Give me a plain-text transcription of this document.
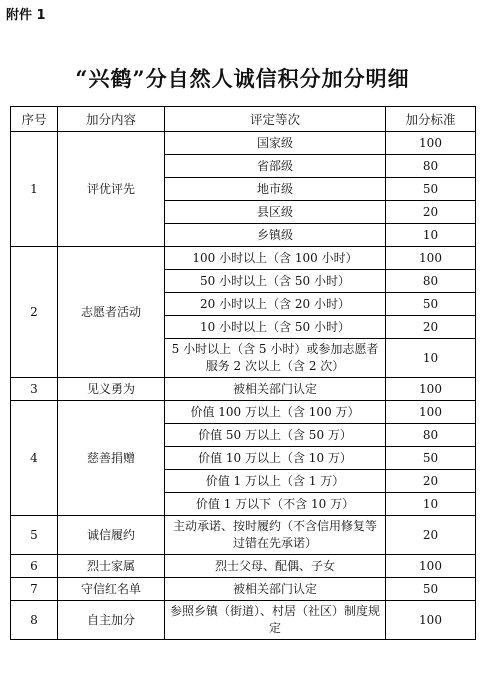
附件 1
“兴鹤”分自然人诚信积分加分明细
序号	加分内容	评定等次	加分标准
1	评优评先	国家级	100
		省部级	80
		地市级	50
		县区级	20
		乡镇级	10
2	志愿者活动	100 小时以上（含 100 小时）	100
		50 小时以上（含 50 小时）	80
		20 小时以上（含 20 小时）	50
		10 小时以上（含 50 小时）	20
		5 小时以上（含 5 小时）或参加志愿者服务 2 次以上（含 2 次）	10
3	见义勇为	被相关部门认定	100
4	慈善捐赠	价值 100 万以上（含 100 万）	100
		价值 50 万以上（含 50 万）	80
		价值 10 万以上（含 10 万）	50
		价值 1 万以上（含 1 万）	20
		价值 1 万以下（不含 10 万）	10
5	诚信履约	主动承诺、按时履约（不含信用修复等过错在先承诺）	20
6	烈士家属	烈士父母、配偶、子女	100
7	守信红名单	被相关部门认定	50
8	自主加分	参照乡镇（街道）、村居（社区）制度规定	100
